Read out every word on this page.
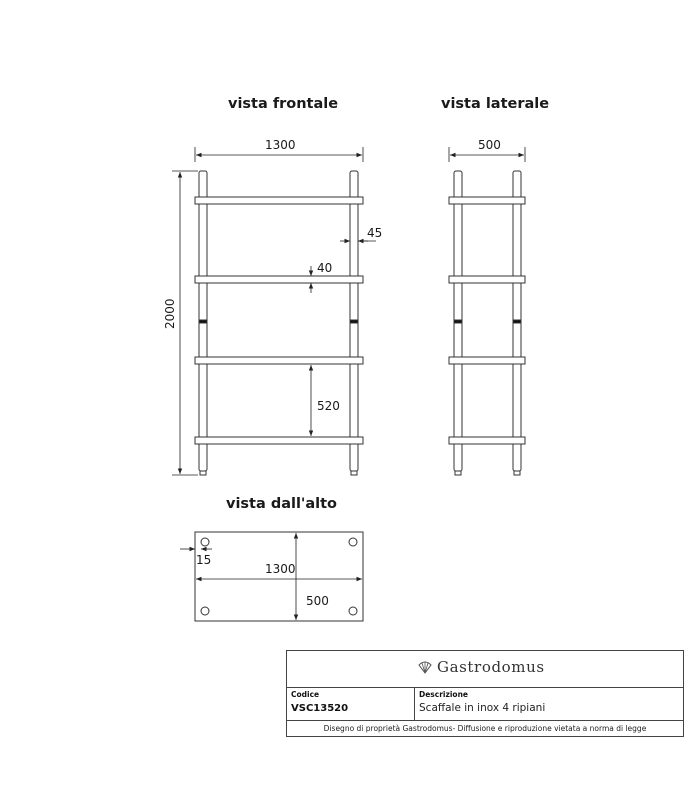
vista frontale	vista laterale
vista dall'alto
1300
2000
45
40
520
500
15
1300
500
Gastrodomus
Codice
VSC13520
Descrizione
Scaffale in inox 4 ripiani
Disegno di proprietà Gastrodomus- Diffusione e riproduzione vietata a norma di legge
